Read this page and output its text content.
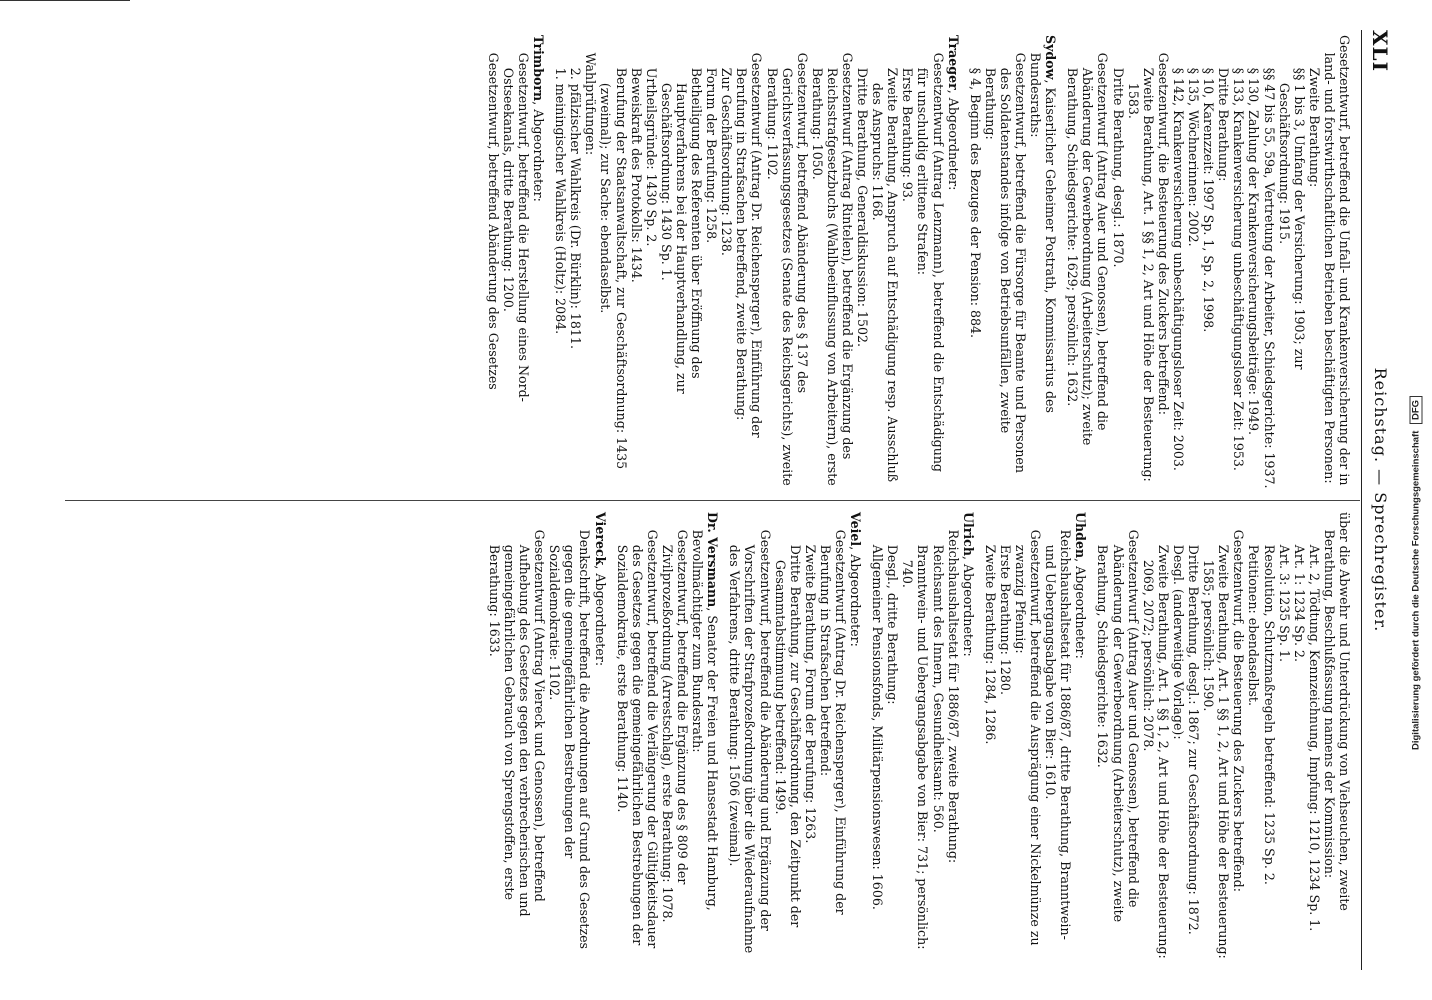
XLI
Reichstag. — Sprechregister.

Gesetzentwurf, betreffend die Unfall- und Krankenversicherung der in land- und forstwirthschaftlichen Betrieben beschäftigten Personen:

Zweite Berathung:

§§ 1 bis 3, Umfang der Versicherung: 1903; zur Geschäftsordnung: 1915.

§§ 47 bis 55, 59a, Vertretung der Arbeiter, Schiedsgerichte: 1937.

§ 130, Zahlung der Krankenversicherungsbeiträge: 1949.

§ 133, Krankenversicherung unbeschäftigungsloser Zeit: 1953.

Dritte Berathung:

§ 10, Karenzzeit: 1997 Sp. 1, Sp. 2, 1998.

§ 135, Wöchnerinnen: 2002.

§ 142, Krankenversicherung unbeschäftigungsloser Zeit: 2003.

Gesetzentwurf, die Besteuerung des Zuckers betreffend:

Zweite Berathung, Art. 1 §§ 1, 2, Art und Höhe der Besteuerung: 1583.

Dritte Berathung, desgl.: 1870.

Gesetzentwurf (Antrag Auer und Genossen), betreffend die Abänderung der Gewerbeordnung (Arbeiterschutz); zweite Berathung, Schiedsgerichte: 1629; persönlich: 1632.

Sydow, Kaiserlicher Geheimer Postrath, Kommissarius des Bundesraths:

Gesetzentwurf, betreffend die Fürsorge für Beamte und Personen des Soldatenstandes infolge von Betriebsunfällen, zweite Berathung:

§ 4, Beginn des Bezuges der Pension: 884.

Traeger, Abgeordneter:

Gesetzentwurf (Antrag Lenzmann), betreffend die Entschädigung für unschuldig erlittene Strafen:

Erste Berathung: 93.

Zweite Berathung, Anspruch auf Entschädigung resp. Ausschluß des Anspruchs: 1168.

Dritte Berathung, Generaldiskussion: 1502.

Gesetzentwurf (Antrag Rintelen), betreffend die Ergänzung des Reichsstrafgesetzbuchs (Wahlbeeinflussung von Arbeitern), erste Berathung: 1050.

Gesetzentwurf, betreffend Abänderung des § 137 des Gerichtsverfassungsgesetzes (Senate des Reichsgerichts), zweite Berathung: 1102.

Gesetzentwurf (Antrag Dr. Reichensperger), Einführung der Berufung in Strafsachen betreffend, zweite Berathung:

Zur Geschäftsordnung: 1238.

Forum der Berufung: 1258.

Betheiligung des Referenten über Eröffnung des Hauptverfahrens bei der Hauptverhandlung, zur Geschäftsordnung: 1430 Sp. 1.

Urtheilsgründe: 1430 Sp. 2.

Beweiskraft des Protokolls: 1434.

Berufung der Staatsanwaltschaft, zur Geschäftsordnung: 1435 (zweimal); zur Sache: ebendaselbst.

Wahlprüfungen:

2. pfälzischer Wahlkreis (Dr. Bürklin): 1811.

1. meiningischer Wahlkreis (Holtz): 2084.

Trimborn, Abgeordneter:

Gesetzentwurf, betreffend die Herstellung eines Nord-Ostseekanals, dritte Berathung: 1200.

Gesetzentwurf, betreffend Abänderung des Gesetzes

über die Abwehr und Unterdrückung von Viehseuchen, zweite Berathung, Beschlußfassung namens der Kommission:

Art. 2, Tödtung, Kennzeichnung, Impfung: 1210, 1234 Sp. 1.

Art. 1: 1234 Sp. 2.

Art. 3: 1235 Sp. 1.

Resolution, Schutzmaßregeln betreffend: 1235 Sp. 2.

Petitionen: ebendaselbst.

Gesetzentwurf, die Besteuerung des Zuckers betreffend:

Zweite Berathung, Art. 1 §§ 1, 2, Art und Höhe der Besteuerung: 1585; persönlich: 1590.

Dritte Berathung, desgl.: 1867; zur Geschäftsordnung: 1872.

Desgl. (anderweitige Vorlage):

Zweite Berathung, Art. 1 §§ 1, 2, Art und Höhe der Besteuerung: 2069, 2072; persönlich: 2078.

Gesetzentwurf (Antrag Auer und Genossen), betreffend die Abänderung der Gewerbeordnung (Arbeiterschutz), zweite Berathung, Schiedsgerichte: 1632.

Uhden, Abgeordneter:

Reichshaushaltsetat für 1886/87, dritte Berathung, Branntwein- und Uebergangsabgabe von Bier: 1610.

Gesetzentwurf, betreffend die Ausprägung einer Nickelmünze zu zwanzig Pfennig:

Erste Berathung: 1280.

Zweite Berathung: 1284, 1286.

Ulrich, Abgeordneter:

Reichshaushaltsetat für 1886/87, zweite Berathung:

Reichsamt des Innern, Gesundheitsamt: 560.

Branntwein- und Uebergangsabgabe von Bier: 731; persönlich: 740.

Desgl., dritte Berathung:

Allgemeiner Pensionsfonds, Militärpensionswesen: 1606.

Veiel, Abgeordneter:

Gesetzentwurf (Antrag Dr. Reichensperger), Einführung der Berufung in Strafsachen betreffend:

Zweite Berathung, Forum der Berufung: 1263.

Dritte Berathung, zur Geschäftsordnung, den Zeitpunkt der Gesammtabstimmung betreffend: 1499.

Gesetzentwurf, betreffend die Abänderung und Ergänzung der Vorschriften der Strafprozeßordnung über die Wiederaufnahme des Verfahrens, dritte Berathung: 1506 (zweimal).

Dr. Versmann, Senator der Freien und Hansestadt Hamburg, Bevollmächtigter zum Bundesrath:

Gesetzentwurf, betreffend die Ergänzung des § 809 der Zivilprozeßordnung (Arrestschlag), erste Berathung: 1078.

Gesetzentwurf, betreffend die Verlängerung der Gültigkeitsdauer des Gesetzes gegen die gemeingefährlichen Bestrebungen der Sozialdemokratie, erste Berathung: 1140.

Viereck, Abgeordneter:

Denkschrift, betreffend die Anordnungen auf Grund des Gesetzes gegen die gemeingefährlichen Bestrebungen der Sozialdemokratie: 1102.

Gesetzentwurf (Antrag Viereck und Genossen), betreffend Aufhebung des Gesetzes gegen den verbrecherischen und gemeingefährlichen Gebrauch von Sprengstoffen, erste Berathung: 1633.	Digitalisierung gefördert durch die Deutsche Forschungsgemeinschaft DFG
